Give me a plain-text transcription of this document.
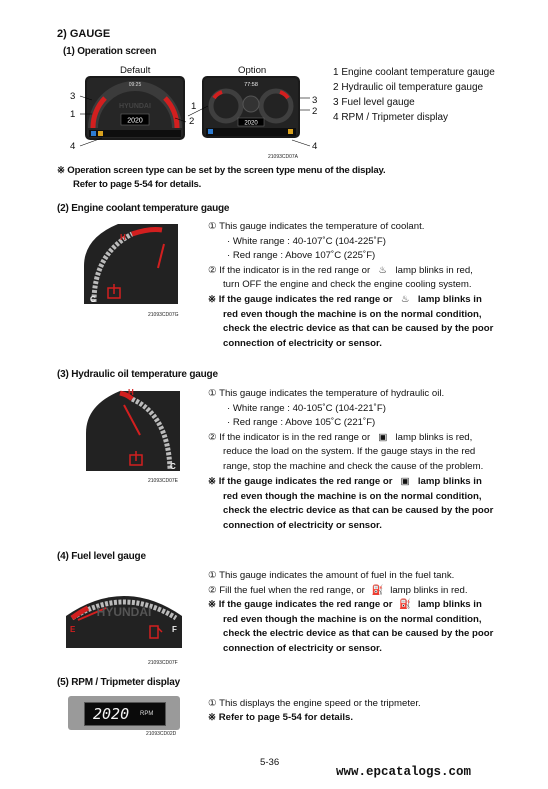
2) GAUGE
(1) Operation screen
Default	Option
2020
HYUNDAI
09:25	77:58
2020
3
1
4
2
1
3
2
4
21093CD07A
1 Engine coolant temperature gauge
2 Hydraulic oil temperature gauge
3 Fuel level gauge
4 RPM / Tripmeter display
※ Operation screen type can be set by the screen type menu of the display.
Refer to page 5-54 for details.
(2) Engine coolant temperature gauge
H
C
21093CD07G
① This gauge indicates the temperature of coolant.
· White range : 40-107˚C (104-225˚F)
· Red range : Above 107˚C (225˚F)
② If the indicator is in the red range or ♨ lamp blinks in red,
turn OFF the engine and check the engine cooling system.
※ If the gauge indicates the red range or ♨ lamp blinks in
red even though the machine is on the normal condition,
check the electric device as that can be caused by the poor
connection of electricity or sensor.
(3) Hydraulic oil temperature gauge
H
C
21093CD07E
① This gauge indicates the temperature of hydraulic oil.
· White range : 40-105˚C (104-221˚F)
· Red range : Above 105˚C (221˚F)
② If the indicator is in the red range or ▣ lamp blinks is red,
reduce the load on the system. If the gauge stays in the red
range, stop the machine and check the cause of the problem.
※ If the gauge indicates the red range or ▣ lamp blinks in
red even though the machine is on the normal condition,
check the electric device as that can be caused by the poor
connection of electricity or sensor.
(4) Fuel level gauge
HYUNDAI
E	F
21093CD07F
① This gauge indicates the amount of fuel in the fuel tank.
② Fill the fuel when the red range, or ⛽ lamp blinks in red.
※ If the gauge indicates the red range or ⛽ lamp blinks in
red even though the machine is on the normal condition,
check the electric device as that can be caused by the poor
connection of electricity or sensor.
(5) RPM / Tripmeter display
2020 RPM
21093CD02D
① This displays the engine speed or the tripmeter.
※ Refer to page 5-54 for details.
5-36
www.epcatalogs.com
